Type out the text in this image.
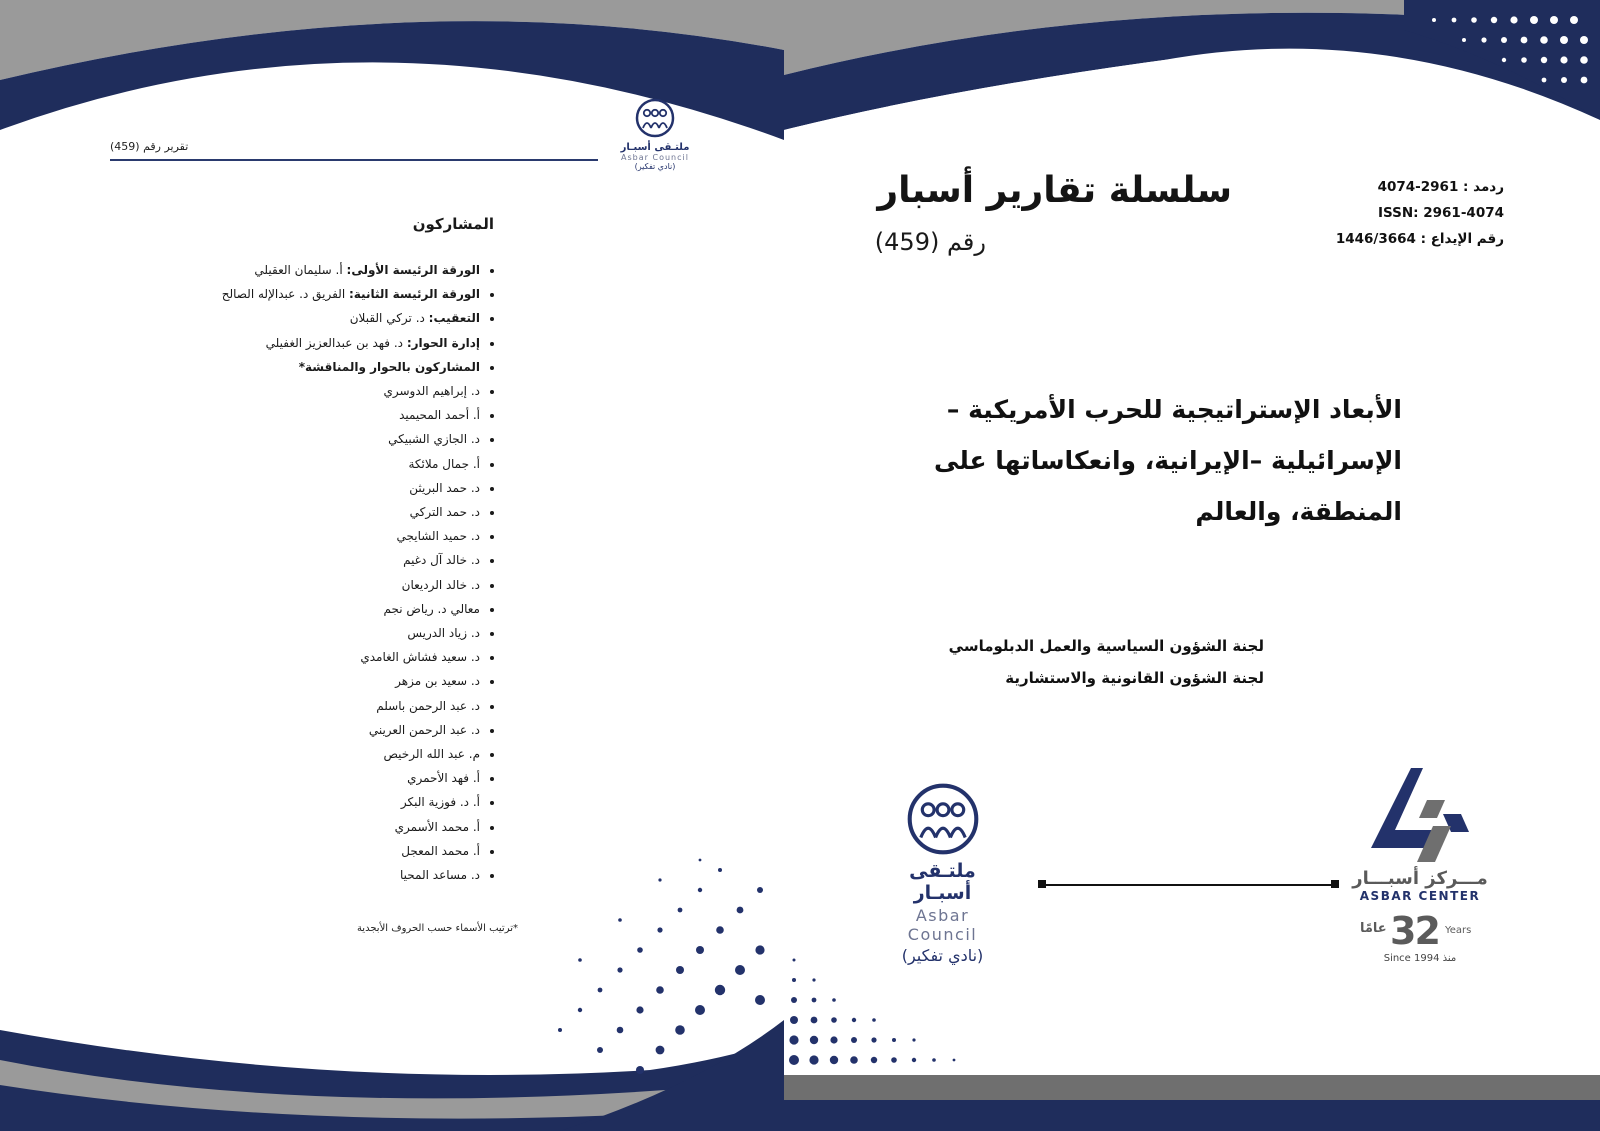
تقرير رقم (459)	ملتـقى أسبـار
Asbar Council
(نادي تفكير)
المشاركون
• الورقة الرئيسة الأولى: أ. سليمان العقيلي
• الورقة الرئيسة الثانية: الفريق د. عبدالإله الصالح
• التعقيب: د. تركي القبلان
• إدارة الحوار: د. فهد بن عبدالعزيز الغفيلي
• المشاركون بالحوار والمناقشة*
• د. إبراهيم الدوسري
• أ. أحمد المحيميد
• د. الجازي الشبيكي
• أ. جمال ملائكة
• د. حمد البريثن
• د. حمد التركي
• د. حميد الشايجي
• د. خالد آل دغيم
• د. خالد الرديعان
• معالي د. رياض نجم
• د. زياد الدريس
• د. سعيد فشاش الغامدي
• د. سعيد بن مزهر
• د. عبد الرحمن باسلم
• د. عبد الرحمن العريني
• م. عبد الله الرخيص
• أ. فهد الأحمري
• أ. د. فوزية البكر
• أ. محمد الأسمري
• أ. محمد المعجل
• د. مساعد المحيا
*ترتيب الأسماء حسب الحروف الأبجدية
سلسلة تقارير أسبار
رقم (459)
ردمد : 2961-4074
ISSN: 2961-4074
رقم الإيداع : 1446/3664
الأبعاد الإستراتيجية للحرب الأمريكية –
الإسرائيلية –الإيرانية، وانعكاساتها على
المنطقة، والعالم
لجنة الشؤون السياسية والعمل الدبلوماسي
لجنة الشؤون القانونية والاستشارية
ملتـقى أسبـار
Asbar Council
(نادي تفكير)
مـــركز أسبـــار
ASBAR CENTER
عامًا 32 Years
Since 1994 منذ
